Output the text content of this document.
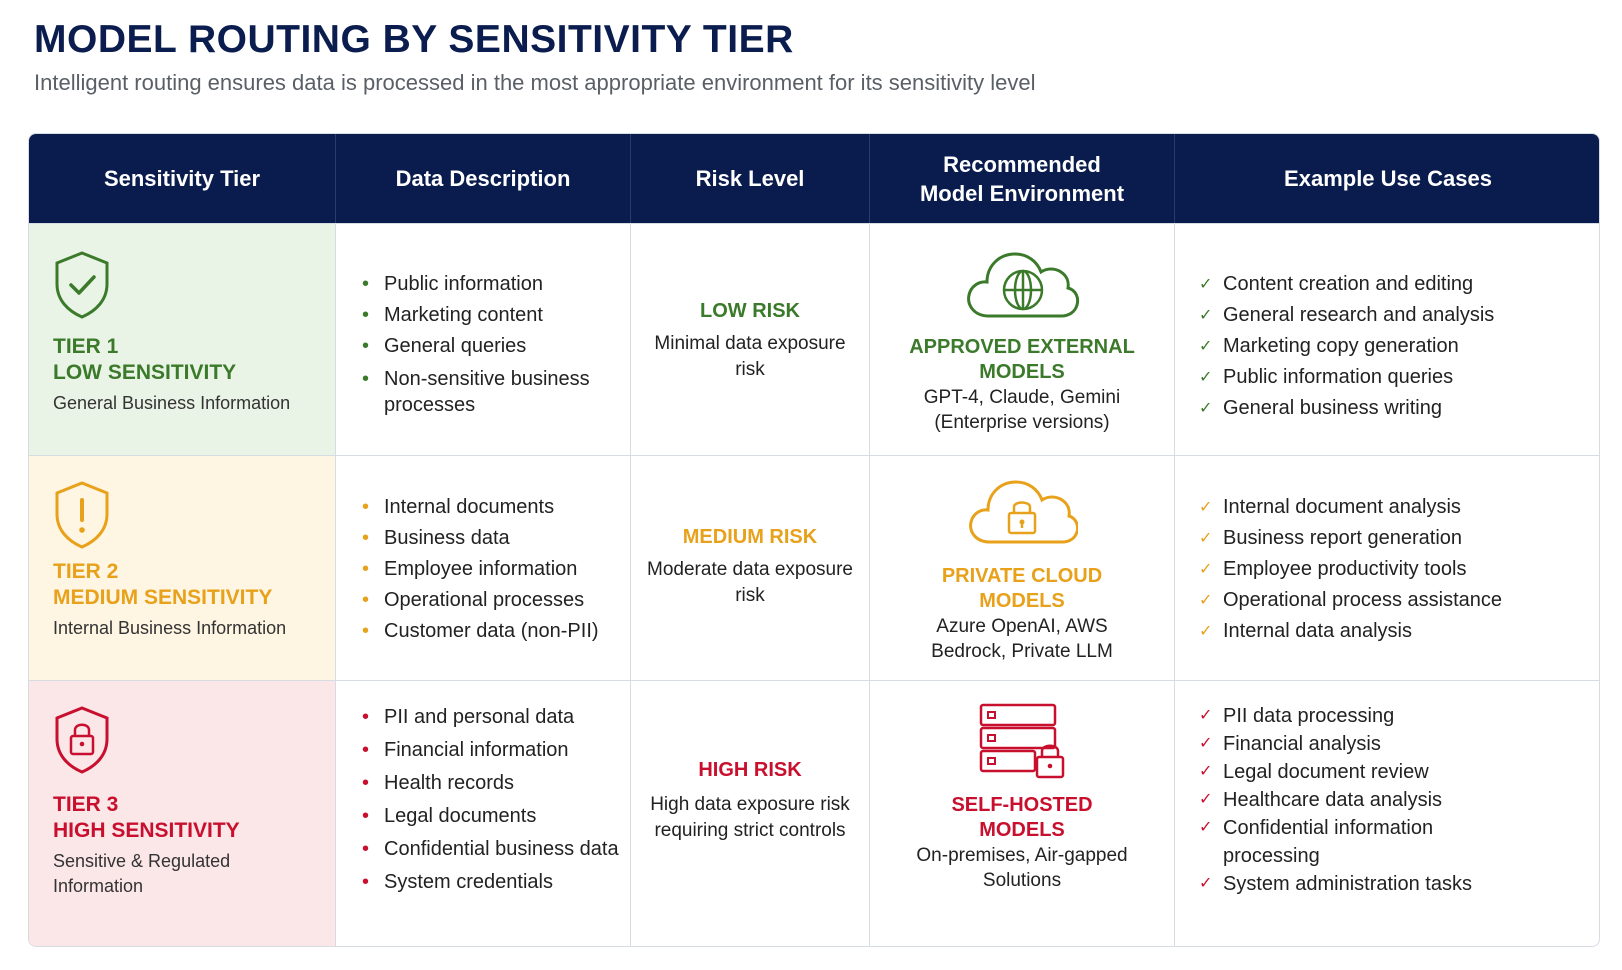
MODEL ROUTING BY SENSITIVITY TIER
Intelligent routing ensures data is processed in the most appropriate environment for its sensitivity level
Sensitivity Tier	Data Description	Risk Level
Recommended
Model Environment
Example Use Cases
TIER 1
LOW SENSITIVITY
General Business Information
• Public information
• Marketing content
• General queries
• Non-sensitive business processes
LOW RISK
Minimal data exposure risk
APPROVED EXTERNAL
MODELS
GPT-4, Claude, Gemini
(Enterprise versions)
✓ Content creation and editing
✓ General research and analysis
✓ Marketing copy generation
✓ Public information queries
✓ General business writing
TIER 2
MEDIUM SENSITIVITY
Internal Business Information
• Internal documents
• Business data
• Employee information
• Operational processes
• Customer data (non-PII)
MEDIUM RISK
Moderate data exposure risk
PRIVATE CLOUD
MODELS
Azure OpenAI, AWS
Bedrock, Private LLM
✓ Internal document analysis
✓ Business report generation
✓ Employee productivity tools
✓ Operational process assistance
✓ Internal data analysis
TIER 3
HIGH SENSITIVITY
Sensitive & Regulated Information
• PII and personal data
• Financial information
• Health records
• Legal documents
• Confidential business data
• System credentials
HIGH RISK
High data exposure risk requiring strict controls
SELF-HOSTED
MODELS
On-premises, Air-gapped
Solutions
✓ PII data processing
✓ Financial analysis
✓ Legal document review
✓ Healthcare data analysis
✓ Confidential information processing
✓ System administration tasks
